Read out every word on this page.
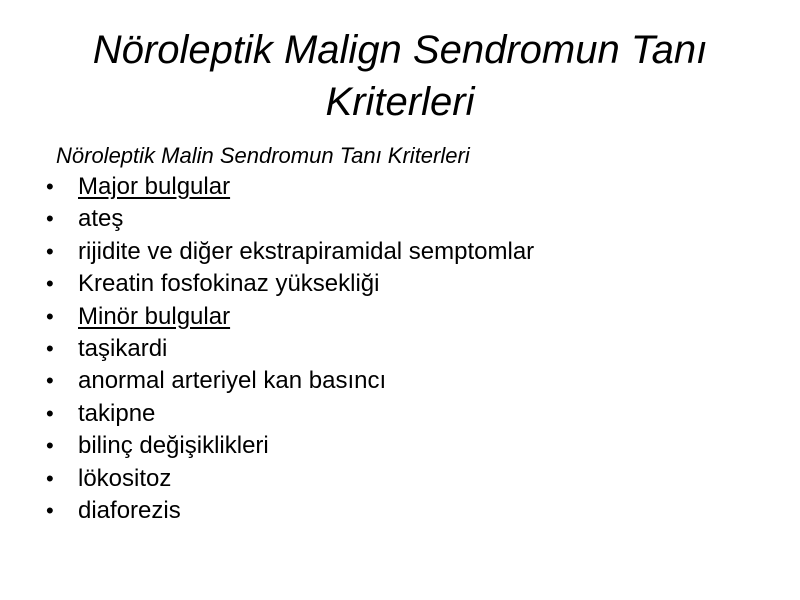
Nöroleptik Malign Sendromun Tanı
Kriterleri

Nöroleptik Malin Sendromun Tanı Kriterleri

• Major bulgular
• ateş
• rijidite ve diğer ekstrapiramidal semptomlar
• Kreatin fosfokinaz yüksekliği
• Minör bulgular
• taşikardi
• anormal arteriyel kan basıncı
• takipne
• bilinç değişiklikleri
• lökositoz
• diaforezis
